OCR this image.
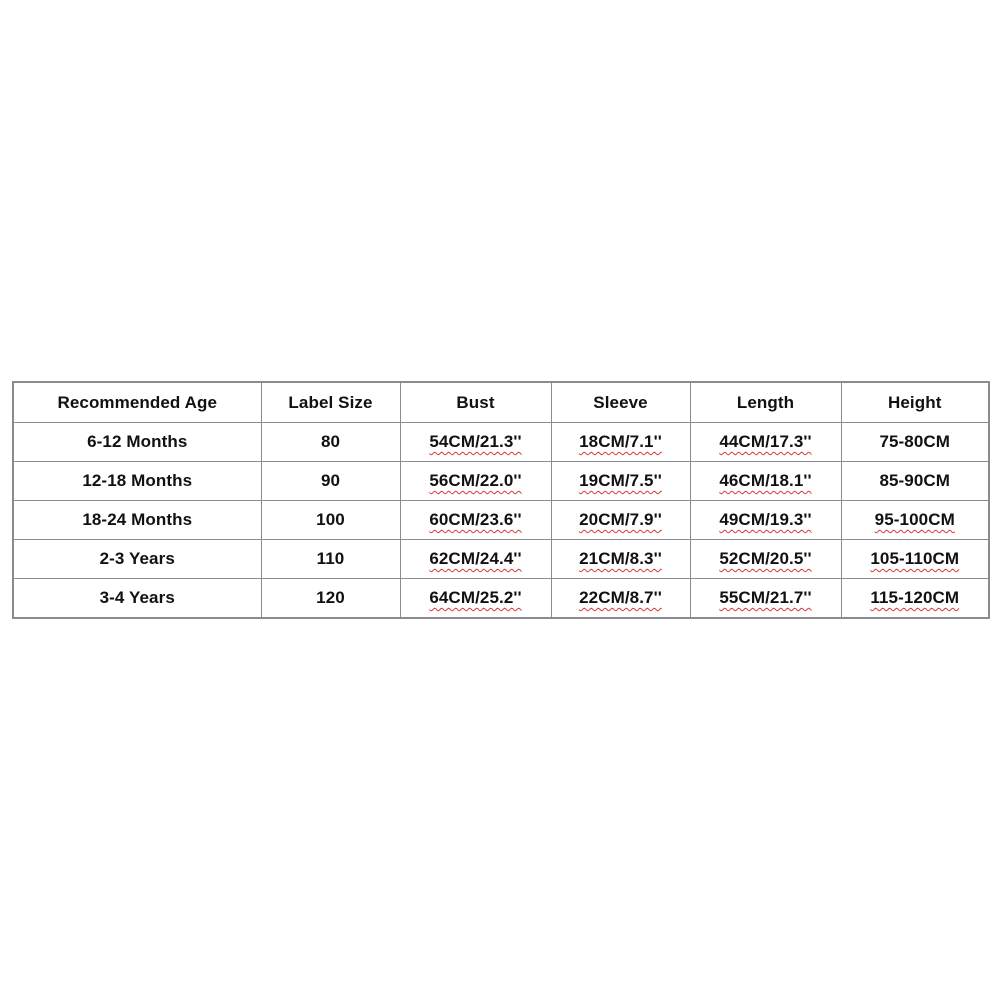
Recommended Age	Label Size	Bust	Sleeve	Length	Height
6-12 Months	80	54CM/21.3''	18CM/7.1''	44CM/17.3''	75-80CM
12-18 Months	90	56CM/22.0''	19CM/7.5''	46CM/18.1''	85-90CM
18-24 Months	100	60CM/23.6''	20CM/7.9''	49CM/19.3''	95-100CM
2-3 Years	110	62CM/24.4''	21CM/8.3''	52CM/20.5''	105-110CM
3-4 Years	120	64CM/25.2''	22CM/8.7''	55CM/21.7''	115-120CM
